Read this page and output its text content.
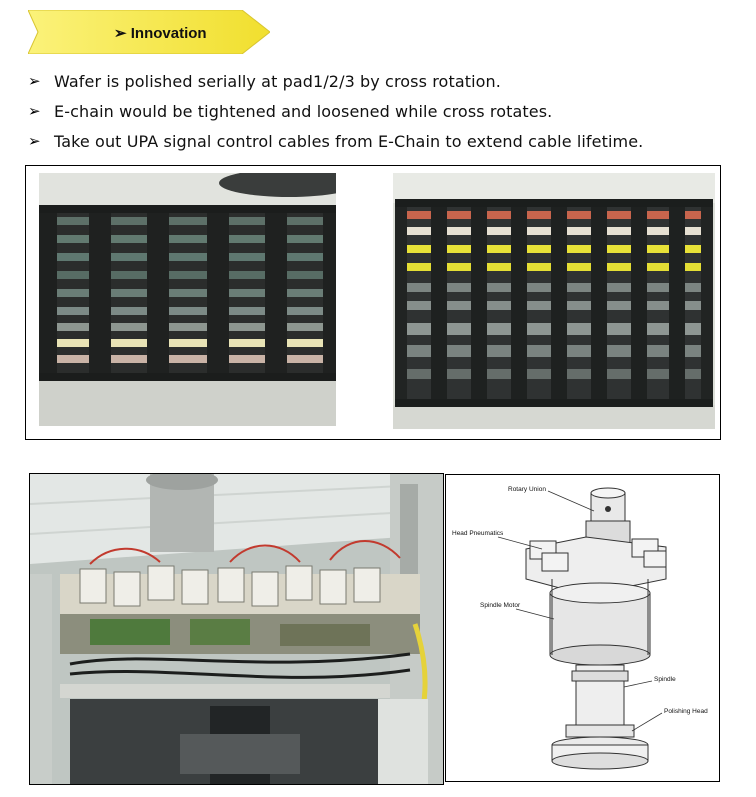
➢ Innovation
➢ Wafer is polished serially at pad1/2/3 by cross rotation.
➢ E-chain would be tightened and loosened while cross rotates.
➢ Take out UPA signal control cables from E-Chain to extend cable lifetime.
Rotary Union
Head Pneumatics
Spindle Motor
Spindle
Polishing Head
